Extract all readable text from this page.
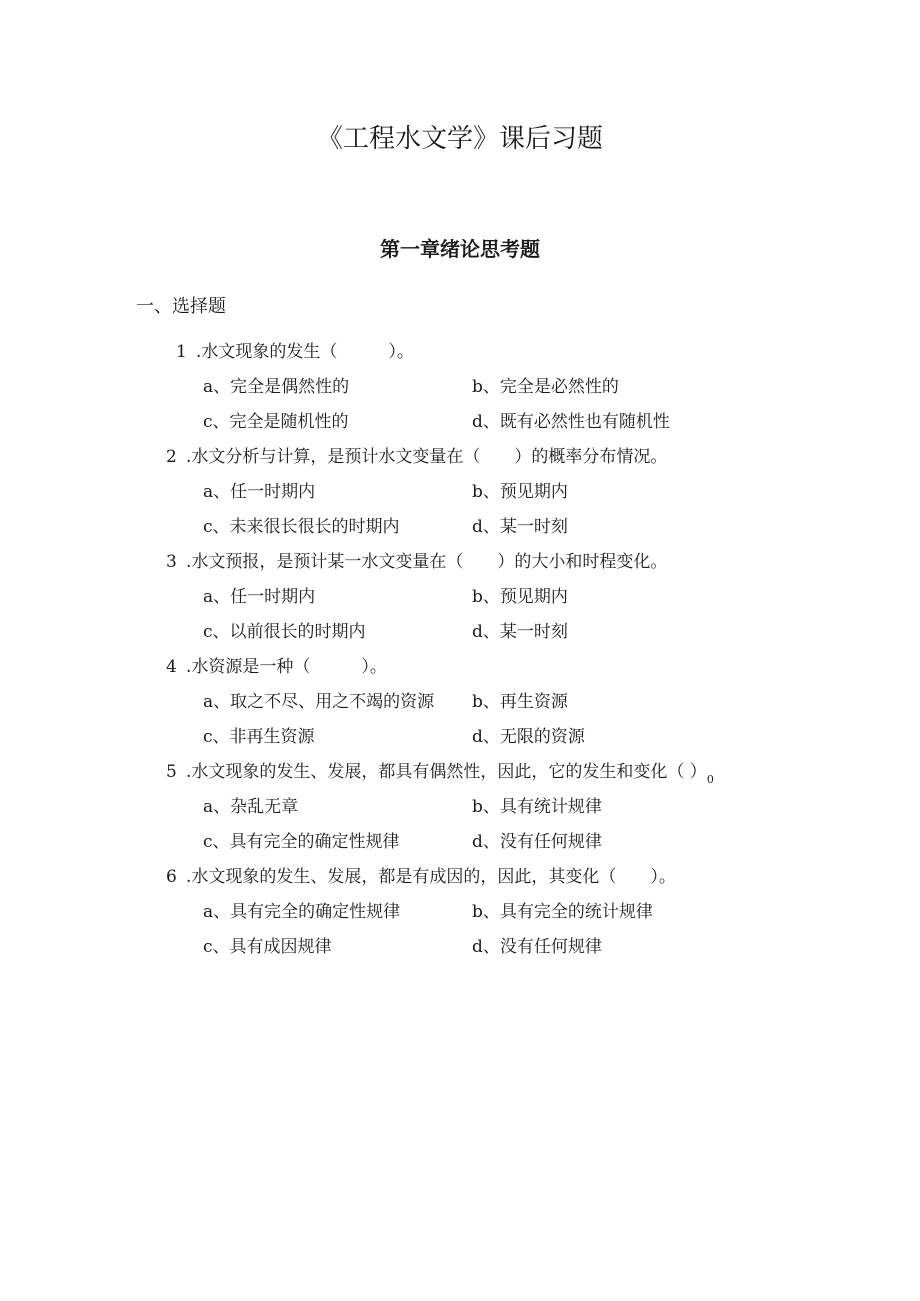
《工程水文学》课后习题
第一章绪论思考题
一、选择题
1 .水文现象的发生（　　　）。
a、完全是偶然性的	b、完全是必然性的
c、完全是随机性的	d、既有必然性也有随机性
2 .水文分析与计算，是预计水文变量在（　　）的概率分布情况。
a、任一时期内	b、预见期内
c、未来很长很长的时期内	d、某一时刻
3 .水文预报，是预计某一水文变量在（　　）的大小和时程变化。
a、任一时期内	b、预见期内
c、以前很长的时期内	d、某一时刻
4 .水资源是一种（　　　）。
a、取之不尽、用之不竭的资源 b、再生资源
c、非再生资源	d、无限的资源
5 .水文现象的发生、发展，都具有偶然性，因此，它的发生和变化（ ）$_0$
a、杂乱无章	b、具有统计规律
c、具有完全的确定性规律	d、没有任何规律
6 .水文现象的发生、发展，都是有成因的，因此，其变化（　　）。
a、具有完全的确定性规律	b、具有完全的统计规律
c、具有成因规律	d、没有任何规律
